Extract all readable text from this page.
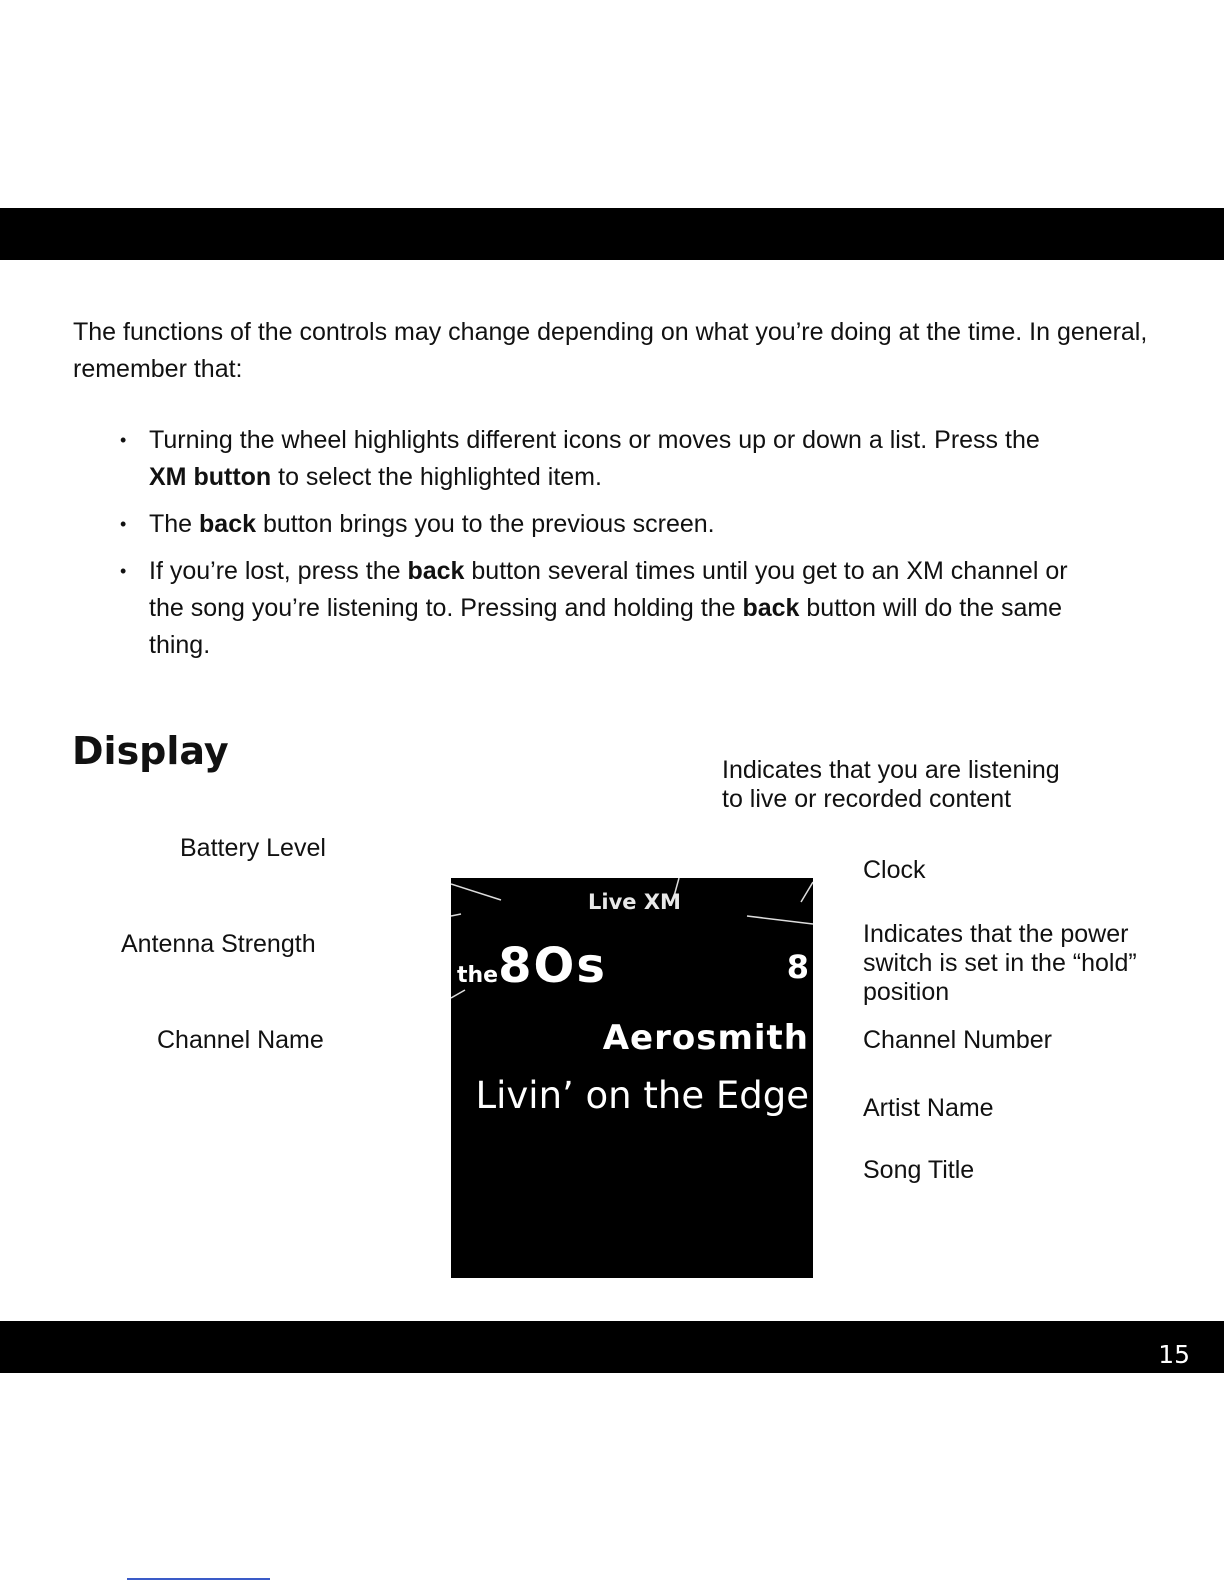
The functions of the controls may change depending on what you’re doing at the time. In general, remember that:

• Turning the wheel highlights different icons or moves up or down a list. Press the XM button to select the highlighted item.
• The back button brings you to the previous screen.
• If you’re lost, press the back button several times until you get to an XM channel or the song you’re listening to. Pressing and holding the back button will do the same thing.
Display
Battery Level
Antenna Strength
Channel Name
Indicates that you are listening to live or recorded content
Clock
Indicates that the power switch is set in the “hold” position
Channel Number
Artist Name
Song Title
Live XM
the8Os	8
Aerosmith
Livin’ on the Edge
15
